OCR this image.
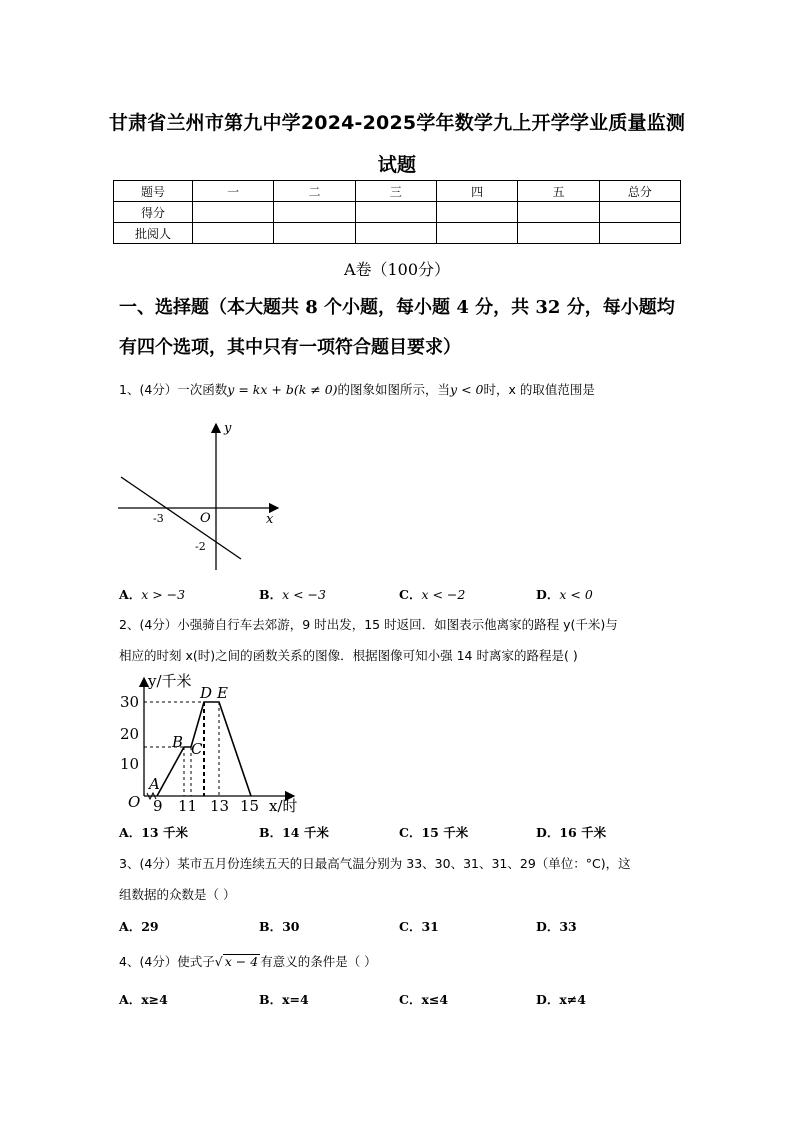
甘肃省兰州市第九中学2024-2025学年数学九上开学学业质量监测
试题
题号	一	二	三	四	五	总分
得分						
批阅人						
A卷（100分）
一、选择题（本大题共 8 个小题，每小题 4 分，共 32 分，每小题均
有四个选项，其中只有一项符合题目要求）
1、(4分）一次函数y = kx + b(k ≠ 0)的图象如图所示，当y < 0时，x 的取值范围是
y
x
O
-3
-2
A．x > −3	B．x < −3	C．x < −2	D．x < 0
2、(4分）小强骑自行车去郊游，9 时出发，15 时返回．如图表示他离家的路程 y(千米)与
相应的时刻 x(时)之间的函数关系的图像．根据图像可知小强 14 时离家的路程是( )
y/千米
x/时
O
10
20
30
9 11 13 15
A
B C
D E
A．13 千米	B．14 千米	C．15 千米	D．16 千米
3、(4分）某市五月份连续五天的日最高气温分别为 33、30、31、31、29（单位：°C)，这
组数据的众数是（ ）
A．29	B．30	C．31	D．33
4、(4分）使式子√ x − 4 有意义的条件是（ ）
A．x≥4	B．x=4	C．x≤4	D．x≠4
